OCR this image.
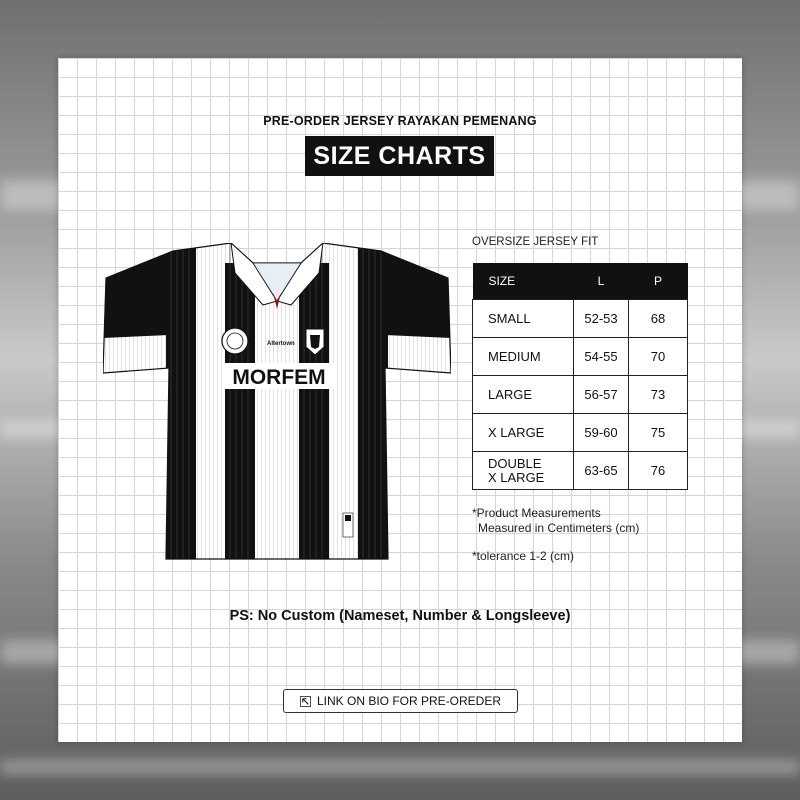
PRE-ORDER JERSEY RAYAKAN PEMENANG
SIZE CHARTS
Altertown
MORFEM
OVERSIZE JERSEY FIT
SIZE	L	P
SMALL	52-53	68
MEDIUM	54-55	70
LARGE	56-57	73
X LARGE	59-60	75

DOUBLE
X LARGE	63-65	76
*Product Measurements
Measured in Centimeters (cm)
*tolerance 1-2 (cm)
PS: No Custom (Nameset, Number & Longsleeve)
LINK ON BIO FOR PRE-OREDER
